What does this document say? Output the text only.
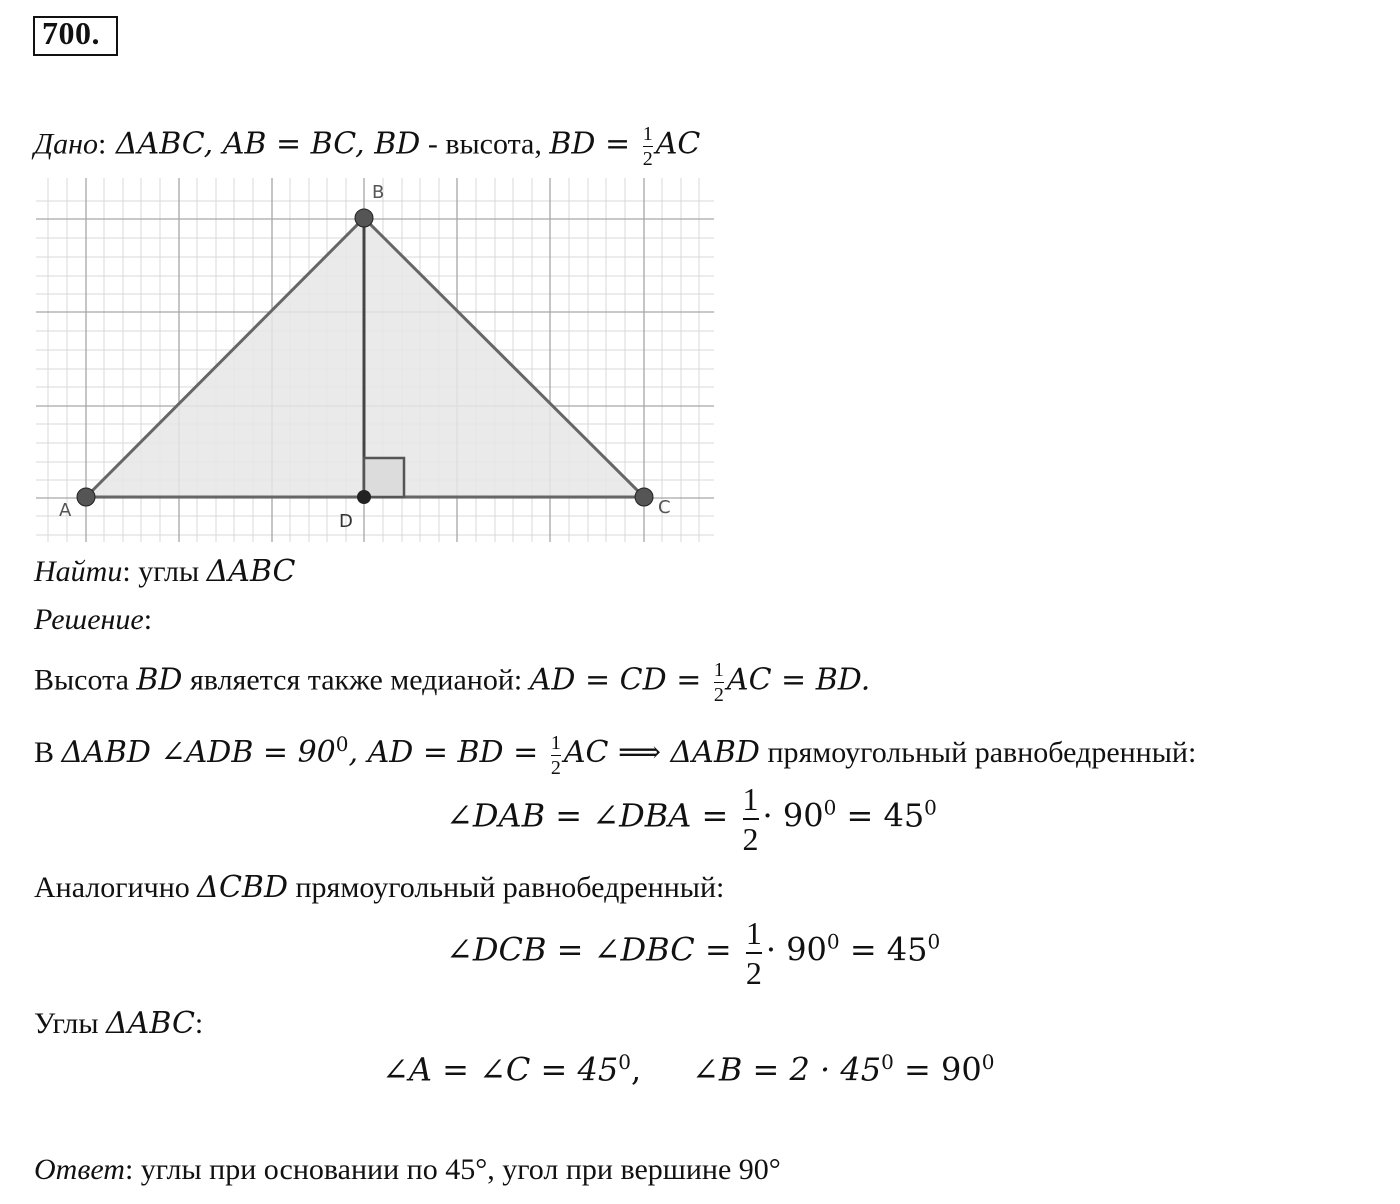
700.
Дано: ΔABC, AB = BC, BD - высота, BD = $\frac{1}{2}$ AC
A
B
C
D
Найти: углы ΔABC
Решение:
Высота BD является также медианой: AD = CD = $\frac{1}{2}$ AC = BD.
В ΔABD ∠ADB = $90^0$, AD = BD = $\frac{1}{2}$ AC ⟹ ΔABD прямоугольный равнобедренный:
∠DAB = ∠DBA = $\frac{1}{2} \cdot 90^0 = 45^0$
Аналогично ΔCBD прямоугольный равнобедренный:
∠DCB = ∠DBC = $\frac{1}{2} \cdot 90^0 = 45^0$
Углы ΔABC:
∠A = ∠C = $45^0$, ∠B = $2 \cdot 45^0 = 90^0$
Ответ: углы при основании по 45°, угол при вершине 90°
